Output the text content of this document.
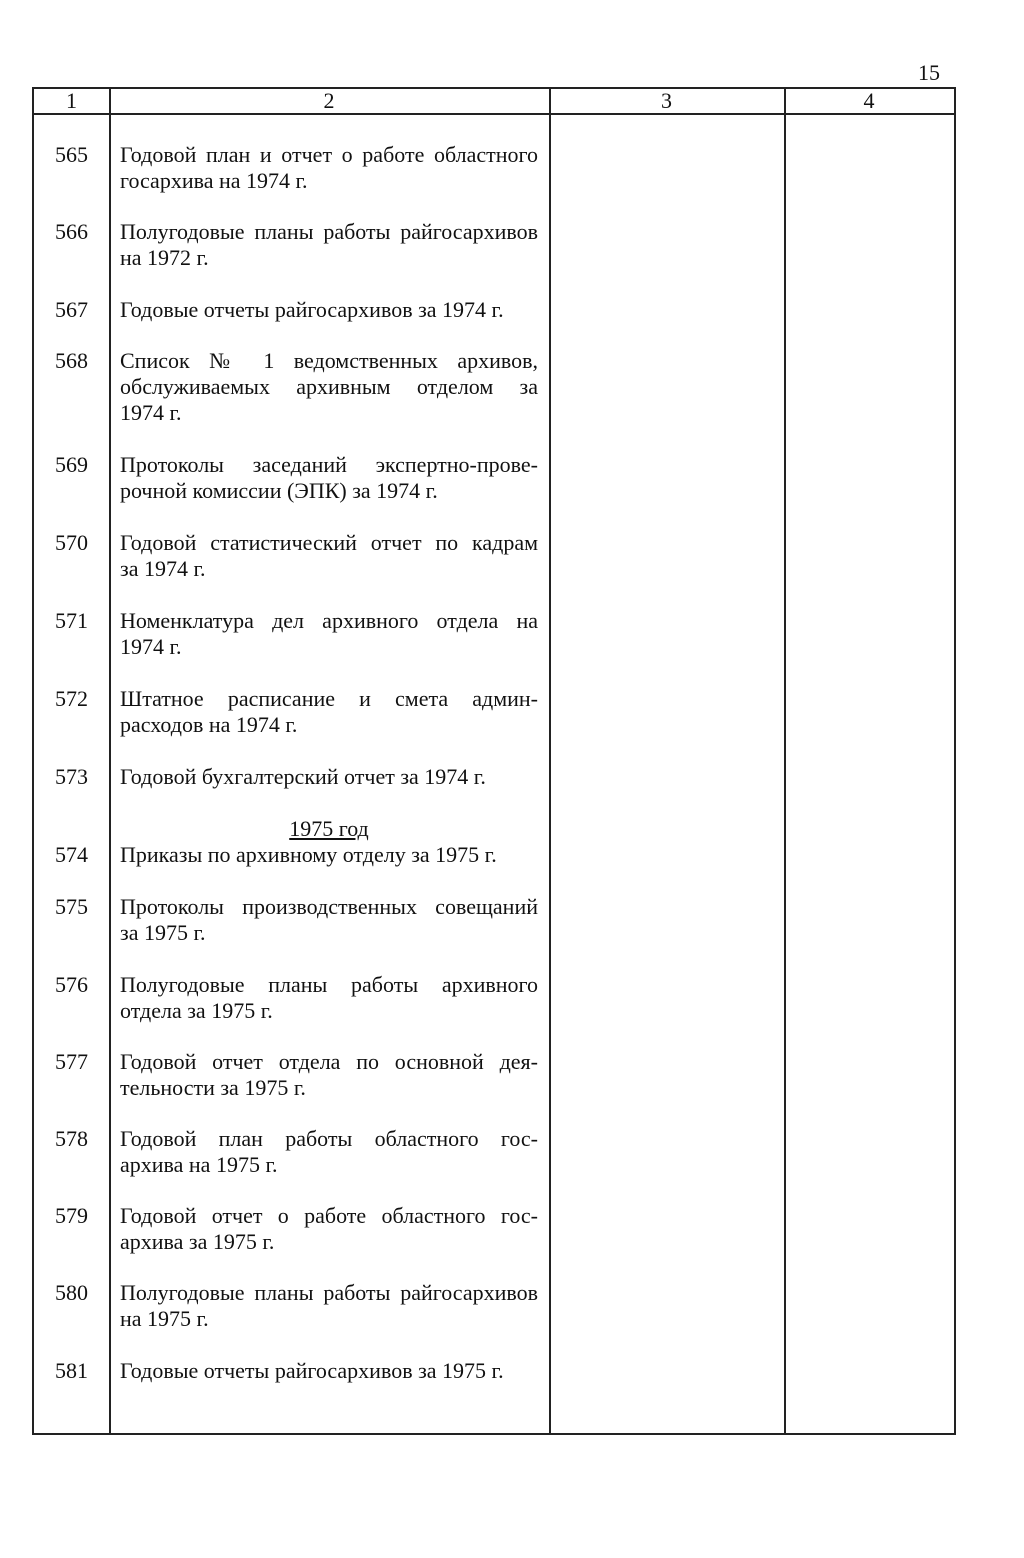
15
1	2	3	4
565	Годовой план и отчет о работе областного
госархива на 1974 г.
566	Полугодовые планы работы райгосархивов
на 1972 г.
567	Годовые отчеты райгосархивов за 1974 г.
568	Список № 1 ведомственных архивов,
обслуживаемых архивным отделом за
1974 г.
569	Протоколы заседаний экспертно-прове-
рочной комиссии (ЭПК) за 1974 г.
570	Годовой статистический отчет по кадрам
за 1974 г.
571	Номенклатура дел архивного отдела на
1974 г.
572	Штатное расписание и смета админ-
расходов на 1974 г.
573	Годовой бухгалтерский отчет за 1974 г.
574	Приказы по архивному отделу за 1975 г.
575	Протоколы производственных совещаний
за 1975 г.
576	Полугодовые планы работы архивного
отдела за 1975 г.
577	Годовой отчет отдела по основной дея-
тельности за 1975 г.
578	Годовой план работы областного гос-
архива на 1975 г.
579	Годовой отчет о работе областного гос-
архива за 1975 г.
580	Полугодовые планы работы райгосархивов
на 1975 г.
581	Годовые отчеты райгосархивов за 1975 г.
1975 год
